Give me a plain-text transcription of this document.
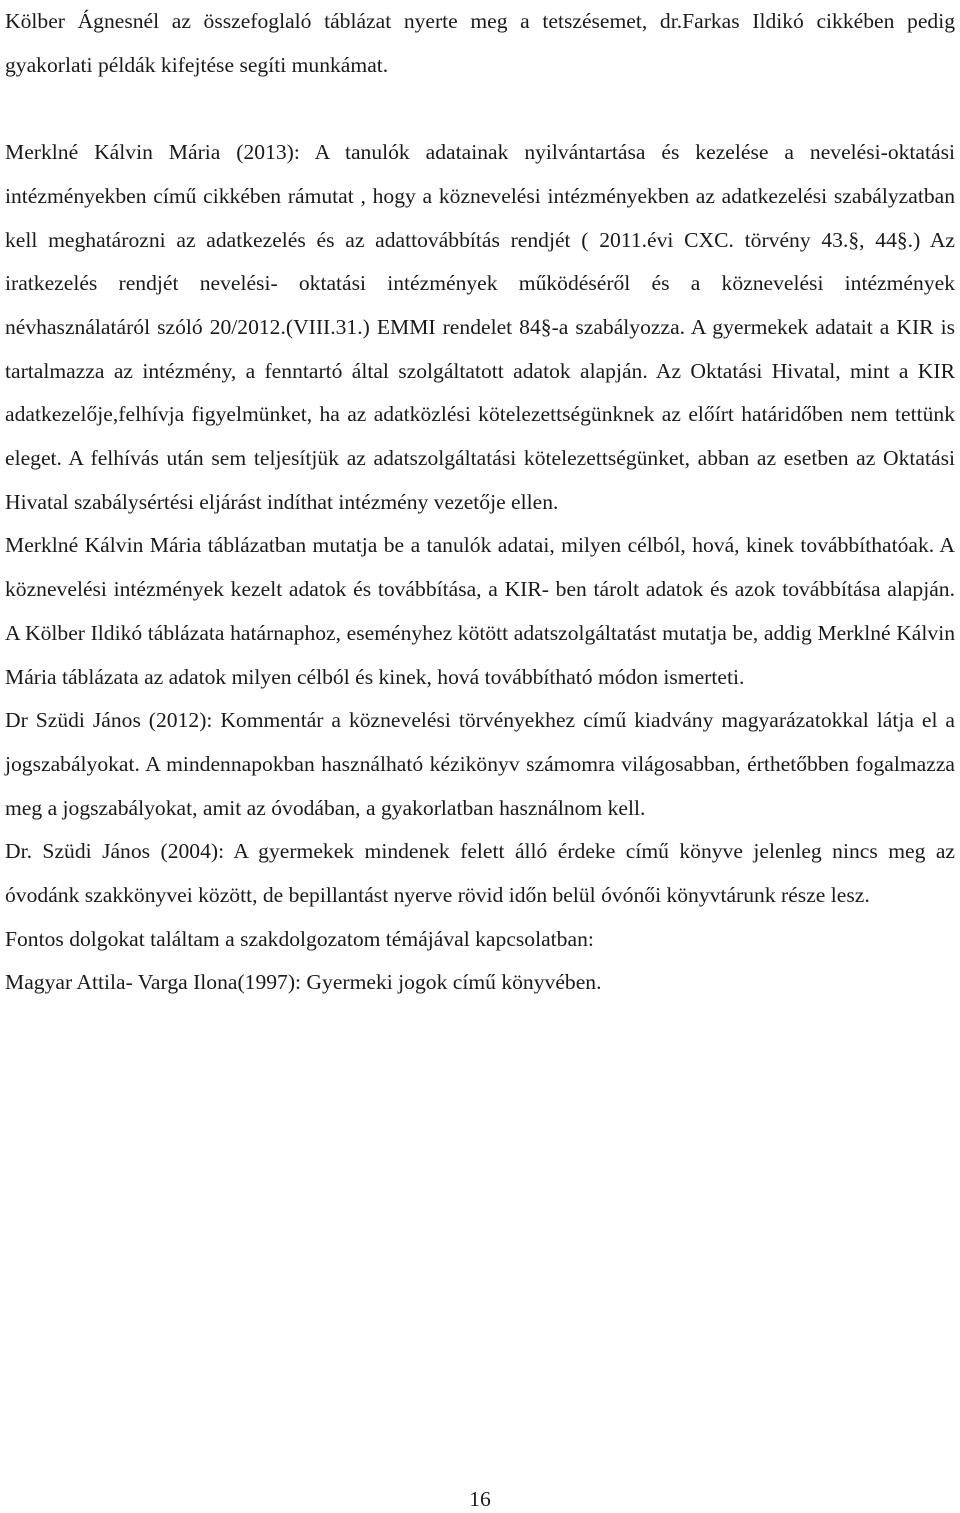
Kölber Ágnesnél az összefoglaló táblázat nyerte meg a tetszésemet, dr.Farkas Ildikó cikkében pedig gyakorlati példák kifejtése segíti munkámat.

Merklné Kálvin Mária (2013): A tanulók adatainak nyilvántartása és kezelése a nevelési-oktatási intézményekben című cikkében rámutat , hogy a köznevelési intézményekben az adatkezelési szabályzatban kell meghatározni az adatkezelés és az adattovábbítás rendjét ( 2011.évi CXC. törvény 43.§, 44§.) Az iratkezelés rendjét nevelési- oktatási intézmények működéséről és a köznevelési intézmények névhasználatáról szóló 20/2012.(VIII.31.) EMMI rendelet 84§-a szabályozza. A gyermekek adatait a KIR is tartalmazza az intézmény, a fenntartó által szolgáltatott adatok alapján. Az Oktatási Hivatal, mint a KIR adatkezelője,felhívja figyelmünket, ha az adatközlési kötelezettségünknek az előírt határidőben nem tettünk eleget. A felhívás után sem teljesítjük az adatszolgáltatási kötelezettségünket, abban az esetben az Oktatási Hivatal szabálysértési eljárást indíthat intézmény vezetője ellen.

Merklné Kálvin Mária táblázatban mutatja be a tanulók adatai, milyen célból, hová, kinek továbbíthatóak. A köznevelési intézmények kezelt adatok és továbbítása, a KIR- ben tárolt adatok és azok továbbítása alapján. A Kölber Ildikó táblázata határnaphoz, eseményhez kötött adatszolgáltatást mutatja be, addig Merklné Kálvin Mária táblázata az adatok milyen célból és kinek, hová továbbítható módon ismerteti.

Dr Szüdi János (2012): Kommentár a köznevelési törvényekhez című kiadvány magyarázatokkal látja el a jogszabályokat. A mindennapokban használható kézikönyv számomra világosabban, érthetőbben fogalmazza meg a jogszabályokat, amit az óvodában, a gyakorlatban használnom kell.

Dr. Szüdi János (2004): A gyermekek mindenek felett álló érdeke című könyve jelenleg nincs meg az óvodánk szakkönyvei között, de bepillantást nyerve rövid időn belül óvónői könyvtárunk része lesz.

Fontos dolgokat találtam a szakdolgozatom témájával kapcsolatban:

Magyar Attila- Varga Ilona(1997): Gyermeki jogok című könyvében.

16
